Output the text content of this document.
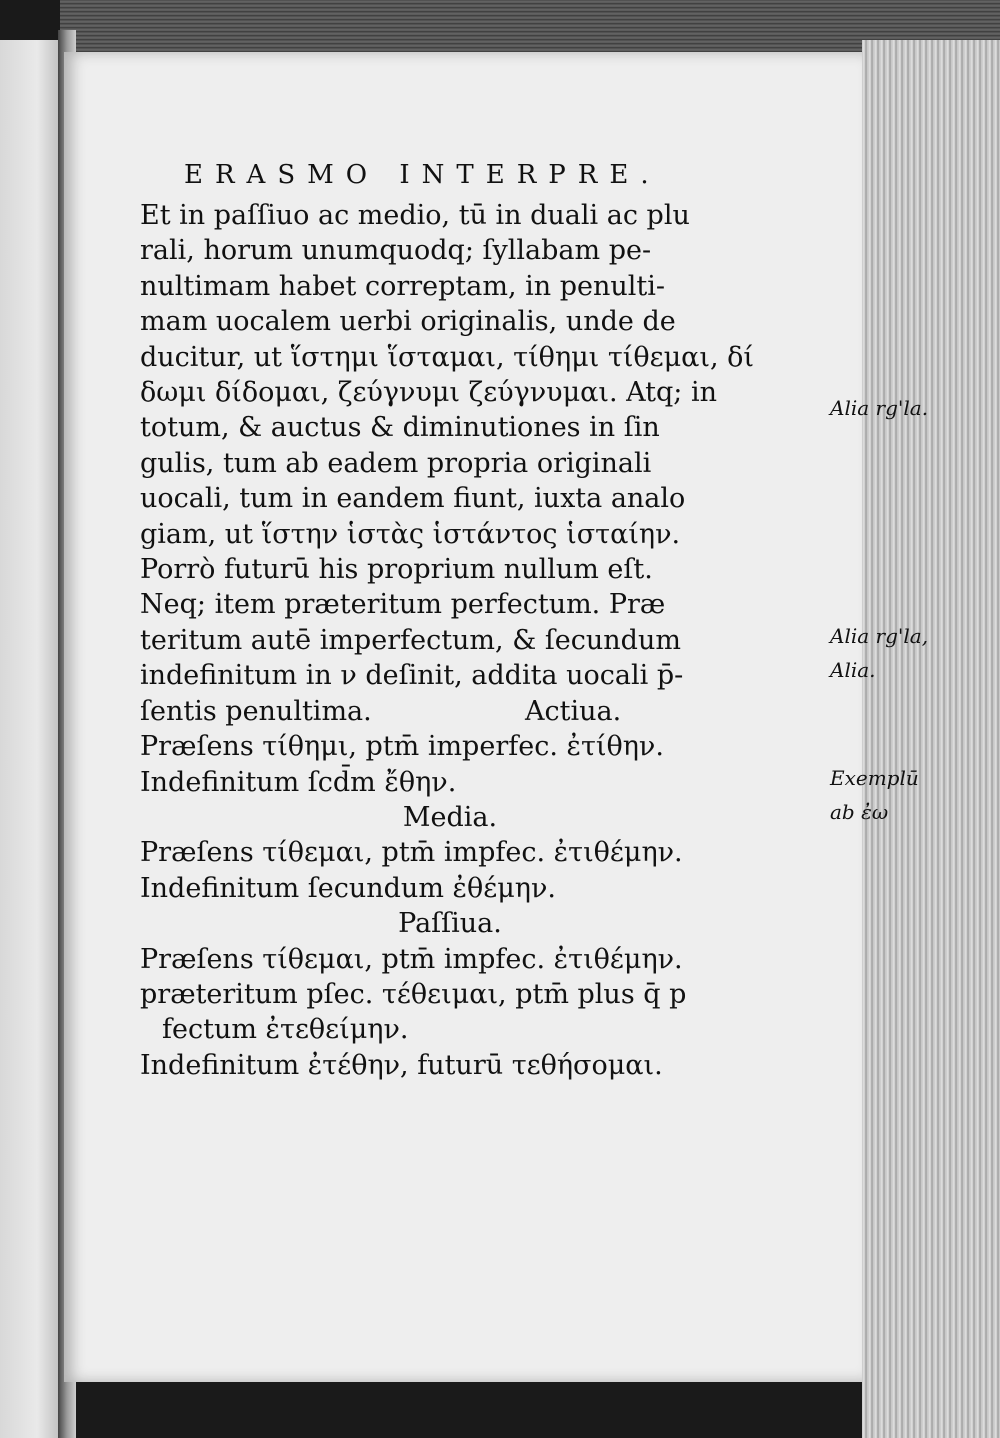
ERASMO INTERPRE.

Et in paſſiuo ac medio, tū in duali ac plu

rali, horum unumquodq; ſyllabam pe-

nultimam habet correptam, in penulti-

mam uocalem uerbi originalis, unde de

ducitur, ut ἵστημι ἵσταμαι, τίθημι τίθεμαι, δί

δωμι δίδομαι, ζεύγνυμι ζεύγνυμαι. Atq; in

totum, & auctus & diminutiones in ſin

gulis, tum ab eadem propria originali

uocali, tum in eandem fiunt, iuxta analo

giam, ut ἵστην ἱστὰς ἱστάντος ἱσταίην.

Porrò futurū his proprium nullum eſt.

Neq; item præteritum perfectum. Præ

teritum autē imperfectum, & ſecundum

indefinitum in ν deſinit, addita uocali p̄-

ſentis penultima.	Actiua.

Præſens τίθημι, ptm̄ imperfec. ἐτίθην.

Indefinitum ſcd̄m ἔθην.

Media.

Præſens τίθεμαι, ptm̄ impfec. ἐτιθέμην.

Indefinitum ſecundum ἐθέμην.

Paſſiua.

Præſens τίθεμαι, ptm̄ impfec. ἐτιθέμην.

præteritum pſec. τέθειμαι, ptm̄ plus q̄ p

fectum ἐτεθείμην.

Indefinitum ἐτέθην, futurū τεθήσομαι.

Alia rg'la.
Alia rg'la,
Alia.
Exemplū
ab ἐω
